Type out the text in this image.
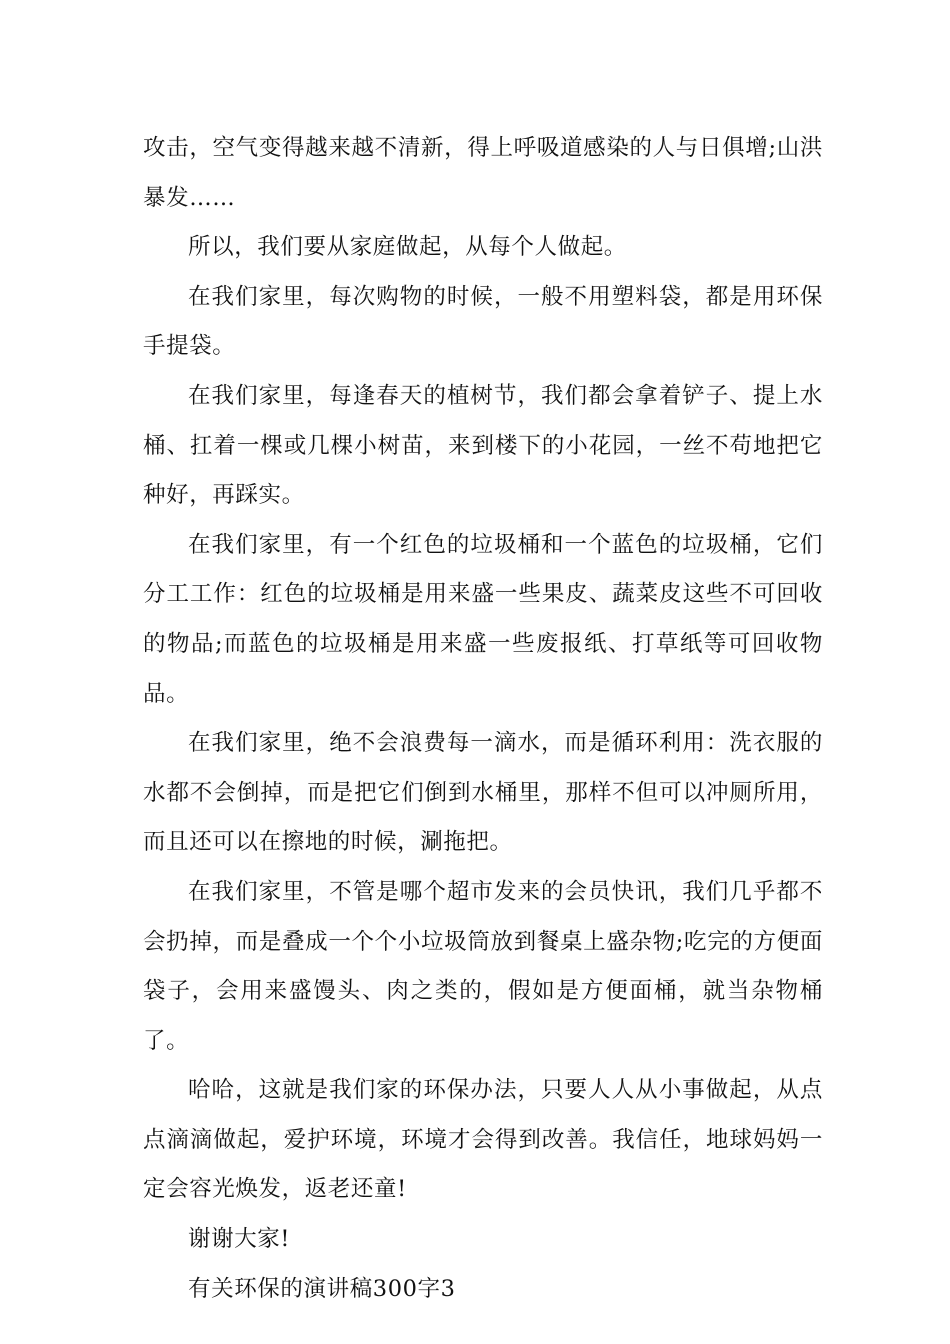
攻击，空气变得越来越不清新，得上呼吸道感染的人与日俱增;山洪暴发……

所以，我们要从家庭做起，从每个人做起。

在我们家里，每次购物的时候，一般不用塑料袋，都是用环保手提袋。

在我们家里，每逢春天的植树节，我们都会拿着铲子、提上水桶、扛着一棵或几棵小树苗，来到楼下的小花园，一丝不苟地把它种好，再踩实。

在我们家里，有一个红色的垃圾桶和一个蓝色的垃圾桶，它们分工工作：红色的垃圾桶是用来盛一些果皮、蔬菜皮这些不可回收的物品;而蓝色的垃圾桶是用来盛一些废报纸、打草纸等可回收物品。

在我们家里，绝不会浪费每一滴水，而是循环利用：洗衣服的水都不会倒掉，而是把它们倒到水桶里，那样不但可以冲厕所用，而且还可以在擦地的时候，涮拖把。

在我们家里，不管是哪个超市发来的会员快讯，我们几乎都不会扔掉，而是叠成一个个小垃圾筒放到餐桌上盛杂物;吃完的方便面袋子，会用来盛馒头、肉之类的，假如是方便面桶，就当杂物桶了。

哈哈，这就是我们家的环保办法，只要人人从小事做起，从点点滴滴做起，爱护环境，环境才会得到改善。我信任，地球妈妈一定会容光焕发，返老还童!

谢谢大家!

有关环保的演讲稿300字3
